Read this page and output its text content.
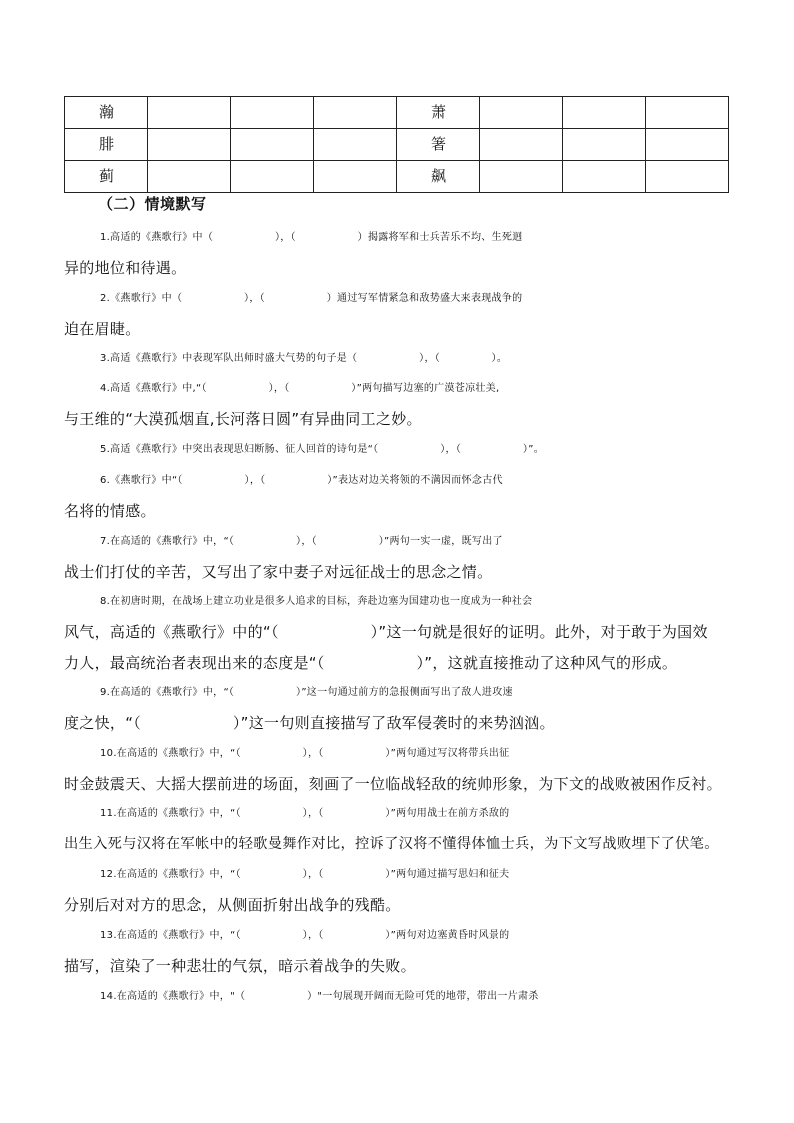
瀚				萧			
腓				箸			
蓟				飙			
（二）情境默写
1.高适的《燕歌行》中（　　　　　　），（　　　　　　）揭露将军和士兵苦乐不均、生死迥
异的地位和待遇。
2.《燕歌行》中（　　　　　　），（　　　　　　）通过写军情紧急和敌势盛大来表现战争的
迫在眉睫。
3.高适《燕歌行》中表现军队出师时盛大气势的句子是（　　　　　　），（　　　　　）。
4.高适《燕歌行》中,“（　　　　　　），（　　　　　　）”两句描写边塞的广漠苍凉壮美,
与王维的“大漠孤烟直,长河落日圆”有异曲同工之妙。
5.高适《燕歌行》中突出表现思妇断肠、征人回首的诗句是“（　　　　　　），（　　　　　　）”。
6.《燕歌行》中“（　　　　　　），（　　　　　　）”表达对边关将领的不满因而怀念古代
名将的情感。
7.在高适的《燕歌行》中，“（　　　　　　），（　　　　　　）”两句一实一虚，既写出了
战士们打仗的辛苦，又写出了家中妻子对远征战士的思念之情。
8.在初唐时期，在战场上建立功业是很多人追求的目标，奔赴边塞为国建功也一度成为一种社会
风气，高适的《燕歌行》中的“（　　　　　　）”这一句就是很好的证明。此外，对于敢于为国效
力人，最高统治者表现出来的态度是“（　　　　　　）”，这就直接推动了这种风气的形成。
9.在高适的《燕歌行》中，“（　　　　　　）”这一句通过前方的急报侧面写出了敌人进攻速
度之快，“（　　　　　　）”这一句则直接描写了敌军侵袭时的来势汹汹。
10.在高适的《燕歌行》中，“（　　　　　　），（　　　　　　）”两句通过写汉将带兵出征
时金鼓震天、大摇大摆前进的场面，刻画了一位临战轻敌的统帅形象，为下文的战败被困作反衬。
11.在高适的《燕歌行》中，“（　　　　　　），（　　　　　　）”两句用战士在前方杀敌的
出生入死与汉将在军帐中的轻歌曼舞作对比，控诉了汉将不懂得体恤士兵，为下文写战败埋下了伏笔。
12.在高适的《燕歌行》中，“（　　　　　　），（　　　　　　）”两句通过描写思妇和征夫
分别后对对方的思念，从侧面折射出战争的残酷。
13.在高适的《燕歌行》中，“（　　　　　　），（　　　　　　）”两句对边塞黄昏时风景的
描写，渲染了一种悲壮的气氛，暗示着战争的失败。
14.在高适的《燕歌行》中，"（　　　　　　）"一句展现开阔而无险可凭的地带，带出一片肃杀
